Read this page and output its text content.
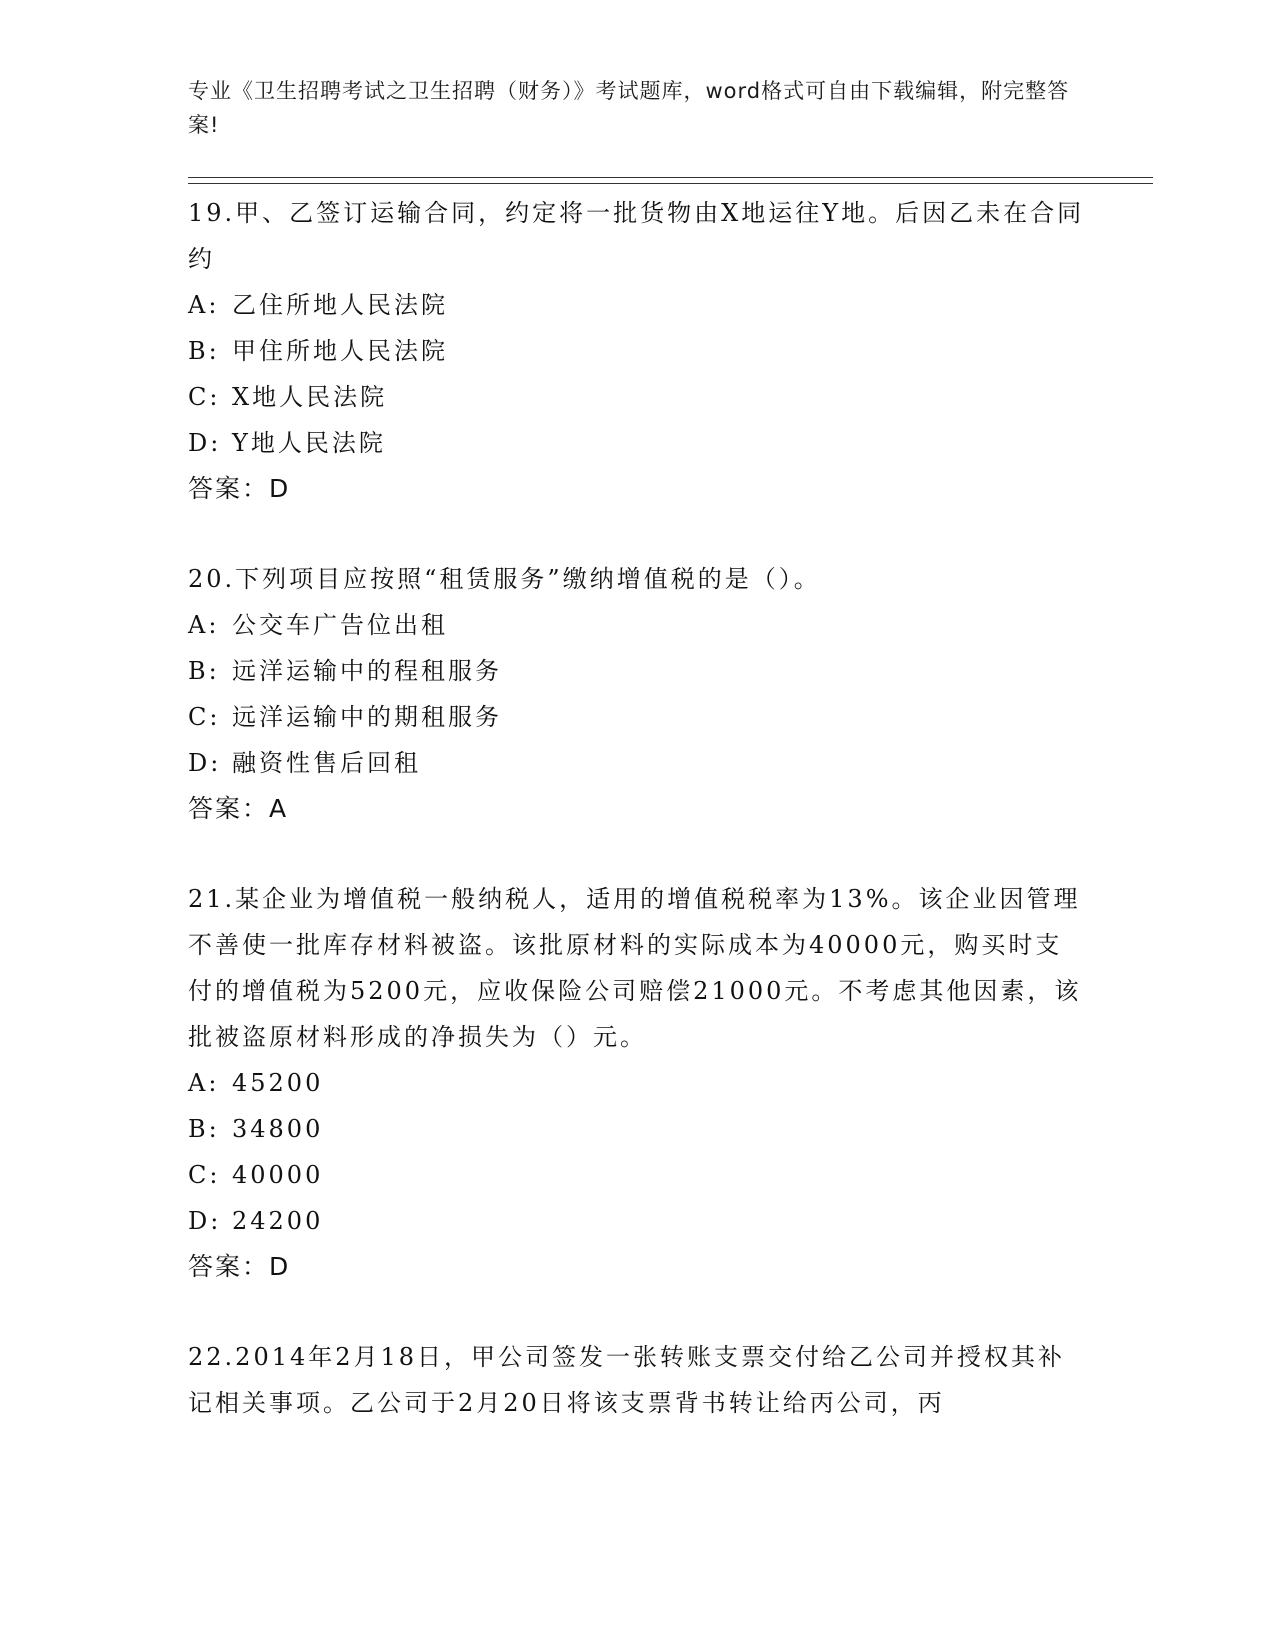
专业《卫生招聘考试之卫生招聘（财务）》考试题库，word格式可自由下载编辑，附完整答案!

19.甲、乙签订运输合同，约定将一批货物由X地运往Y地。后因乙未在合同约

A: 乙住所地人民法院

B: 甲住所地人民法院

C: X地人民法院

D: Y地人民法院

答案：D

20.下列项目应按照“租赁服务”缴纳增值税的是（）。

A: 公交车广告位出租

B: 远洋运输中的程租服务

C: 远洋运输中的期租服务

D: 融资性售后回租

答案：A

21.某企业为增值税一般纳税人，适用的增值税税率为13%。该企业因管理不善使一批库存材料被盗。该批原材料的实际成本为40000元，购买时支付的增值税为5200元，应收保险公司赔偿21000元。不考虑其他因素，该批被盗原材料形成的净损失为（）元。

A: 45200

B: 34800

C: 40000

D: 24200

答案：D

22.2014年2月18日，甲公司签发一张转账支票交付给乙公司并授权其补记相关事项。乙公司于2月20日将该支票背书转让给丙公司，丙
